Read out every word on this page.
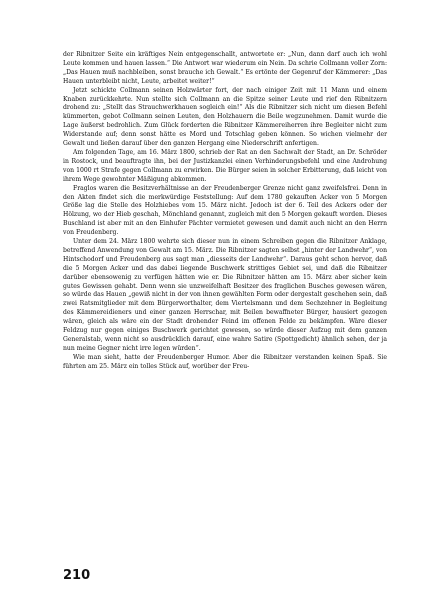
der Ribnitzer Seite ein kräftiges Nein entgegenschallt, antwortete er: „Nun, dann darf auch ich wohl Leute kommen und hauen lassen.“ Die Antwort war wiederum ein Nein. Da schrie Collmann voller Zorn: „Das Hauen muß nachbleiben, sonst brauche ich Gewalt.“ Es ertönte der Gegenruf der Kämmerer: „Das Hauen unterbleibt nicht, Leute, arbeitet weiter!“

Jetzt schickte Collmann seinen Holzwärter fort, der nach einiger Zeit mit 11 Mann und einem Knaben zurückkehrte. Nun stellte sich Collmann an die Spitze seiner Leute und rief den Ribnitzern drohend zu: „Stellt das Strauchwerkhauen sogleich ein!“ Als die Ribnitzer sich nicht um diesen Befehl kümmerten, gebot Collmann seinen Leuten, den Holzhauern die Beile wegzunehmen. Damit wurde die Lage äußerst bedrohlich. Zum Glück forderten die Ribnitzer Kämmereiherren ihre Begleiter nicht zum Widerstande auf; denn sonst hätte es Mord und Totschlag geben können. So wichen vielmehr der Gewalt und ließen darauf über den ganzen Hergang eine Niederschrift anfertigen.

Am folgenden Tage, am 16. März 1800, schrieb der Rat an den Sachwalt der Stadt, an Dr. Schröder in Rostock, und beauftragte ihn, bei der Justizkanzlei einen Verhinderungsbefehl und eine Androhung von 1000 rt Strafe gegen Collmann zu erwirken. Die Bürger seien in solcher Erbitterung, daß leicht von ihrem Wege gewohnter Mäßigung abkommen.

Fraglos waren die Besitzverhältnisse an der Freudenberger Grenze nicht ganz zweifelsfrei. Denn in den Akten findet sich die merkwürdige Feststellung: Auf dem 1780 gekauften Acker von 5 Morgen Größe lag die Stelle des Holzhiebes vom 15. März nicht. Jedoch ist der 6. Teil des Ackers oder der Hölzung, wo der Hieb geschah, Mönchland genannt, zugleich mit den 5 Morgen gekauft worden. Dieses Buschland ist aber mit an den Einhufer Pächter vermietet gewesen und damit auch nicht an den Herrn von Freudenberg.

Unter dem 24. März 1800 wehrte sich dieser nun in einem Schreiben gegen die Ribnitzer Anklage, betreffend Anwendung von Gewalt am 15. März. Die Ribnitzer sagten selbst „hinter der Landwehr“, von Hintschodorf und Freudenberg aus sagt man „diesseits der Landwehr“. Daraus geht schon hervor, daß die 5 Morgen Acker und das dabei liegende Buschwerk strittiges Gebiet sei, und daß die Ribnitzer darüber ebensowenig zu verfügen hätten wie er. Die Ribnitzer hätten am 15. März aber sicher kein gutes Gewissen gehabt. Denn wenn sie unzweifelhaft Besitzer des fraglichen Busches gewesen wären, so würde das Hauen „gewiß nicht in der von ihnen gewählten Form oder dergestalt geschehen sein, daß zwei Ratsmitglieder mit dem Bürgerworthalter, dem Viertelsmann und dem Sechzehner in Begleitung des Kämmereidieners und einer ganzen Herrschar, mit Beilen bewaffneter Bürger, hausiert gezogen wären, gleich als wäre ein der Stadt drohender Feind im offenen Felde zu bekämpfen. Wäre dieser Feldzug nur gegen einiges Buschwerk gerichtet gewesen, so würde dieser Aufzug mit dem ganzen Generalstab, wenn nicht so ausdrücklich darauf, eine wahre Satire (Spottgedicht) ähnlich sehen, der ja nun meine Gegner nicht irre legen würden“.

Wie man sieht, hatte der Freudenberger Humor. Aber die Ribnitzer verstanden keinen Spaß. Sie führten am 25. März ein tolles Stück auf, worüber der Freu-

210
